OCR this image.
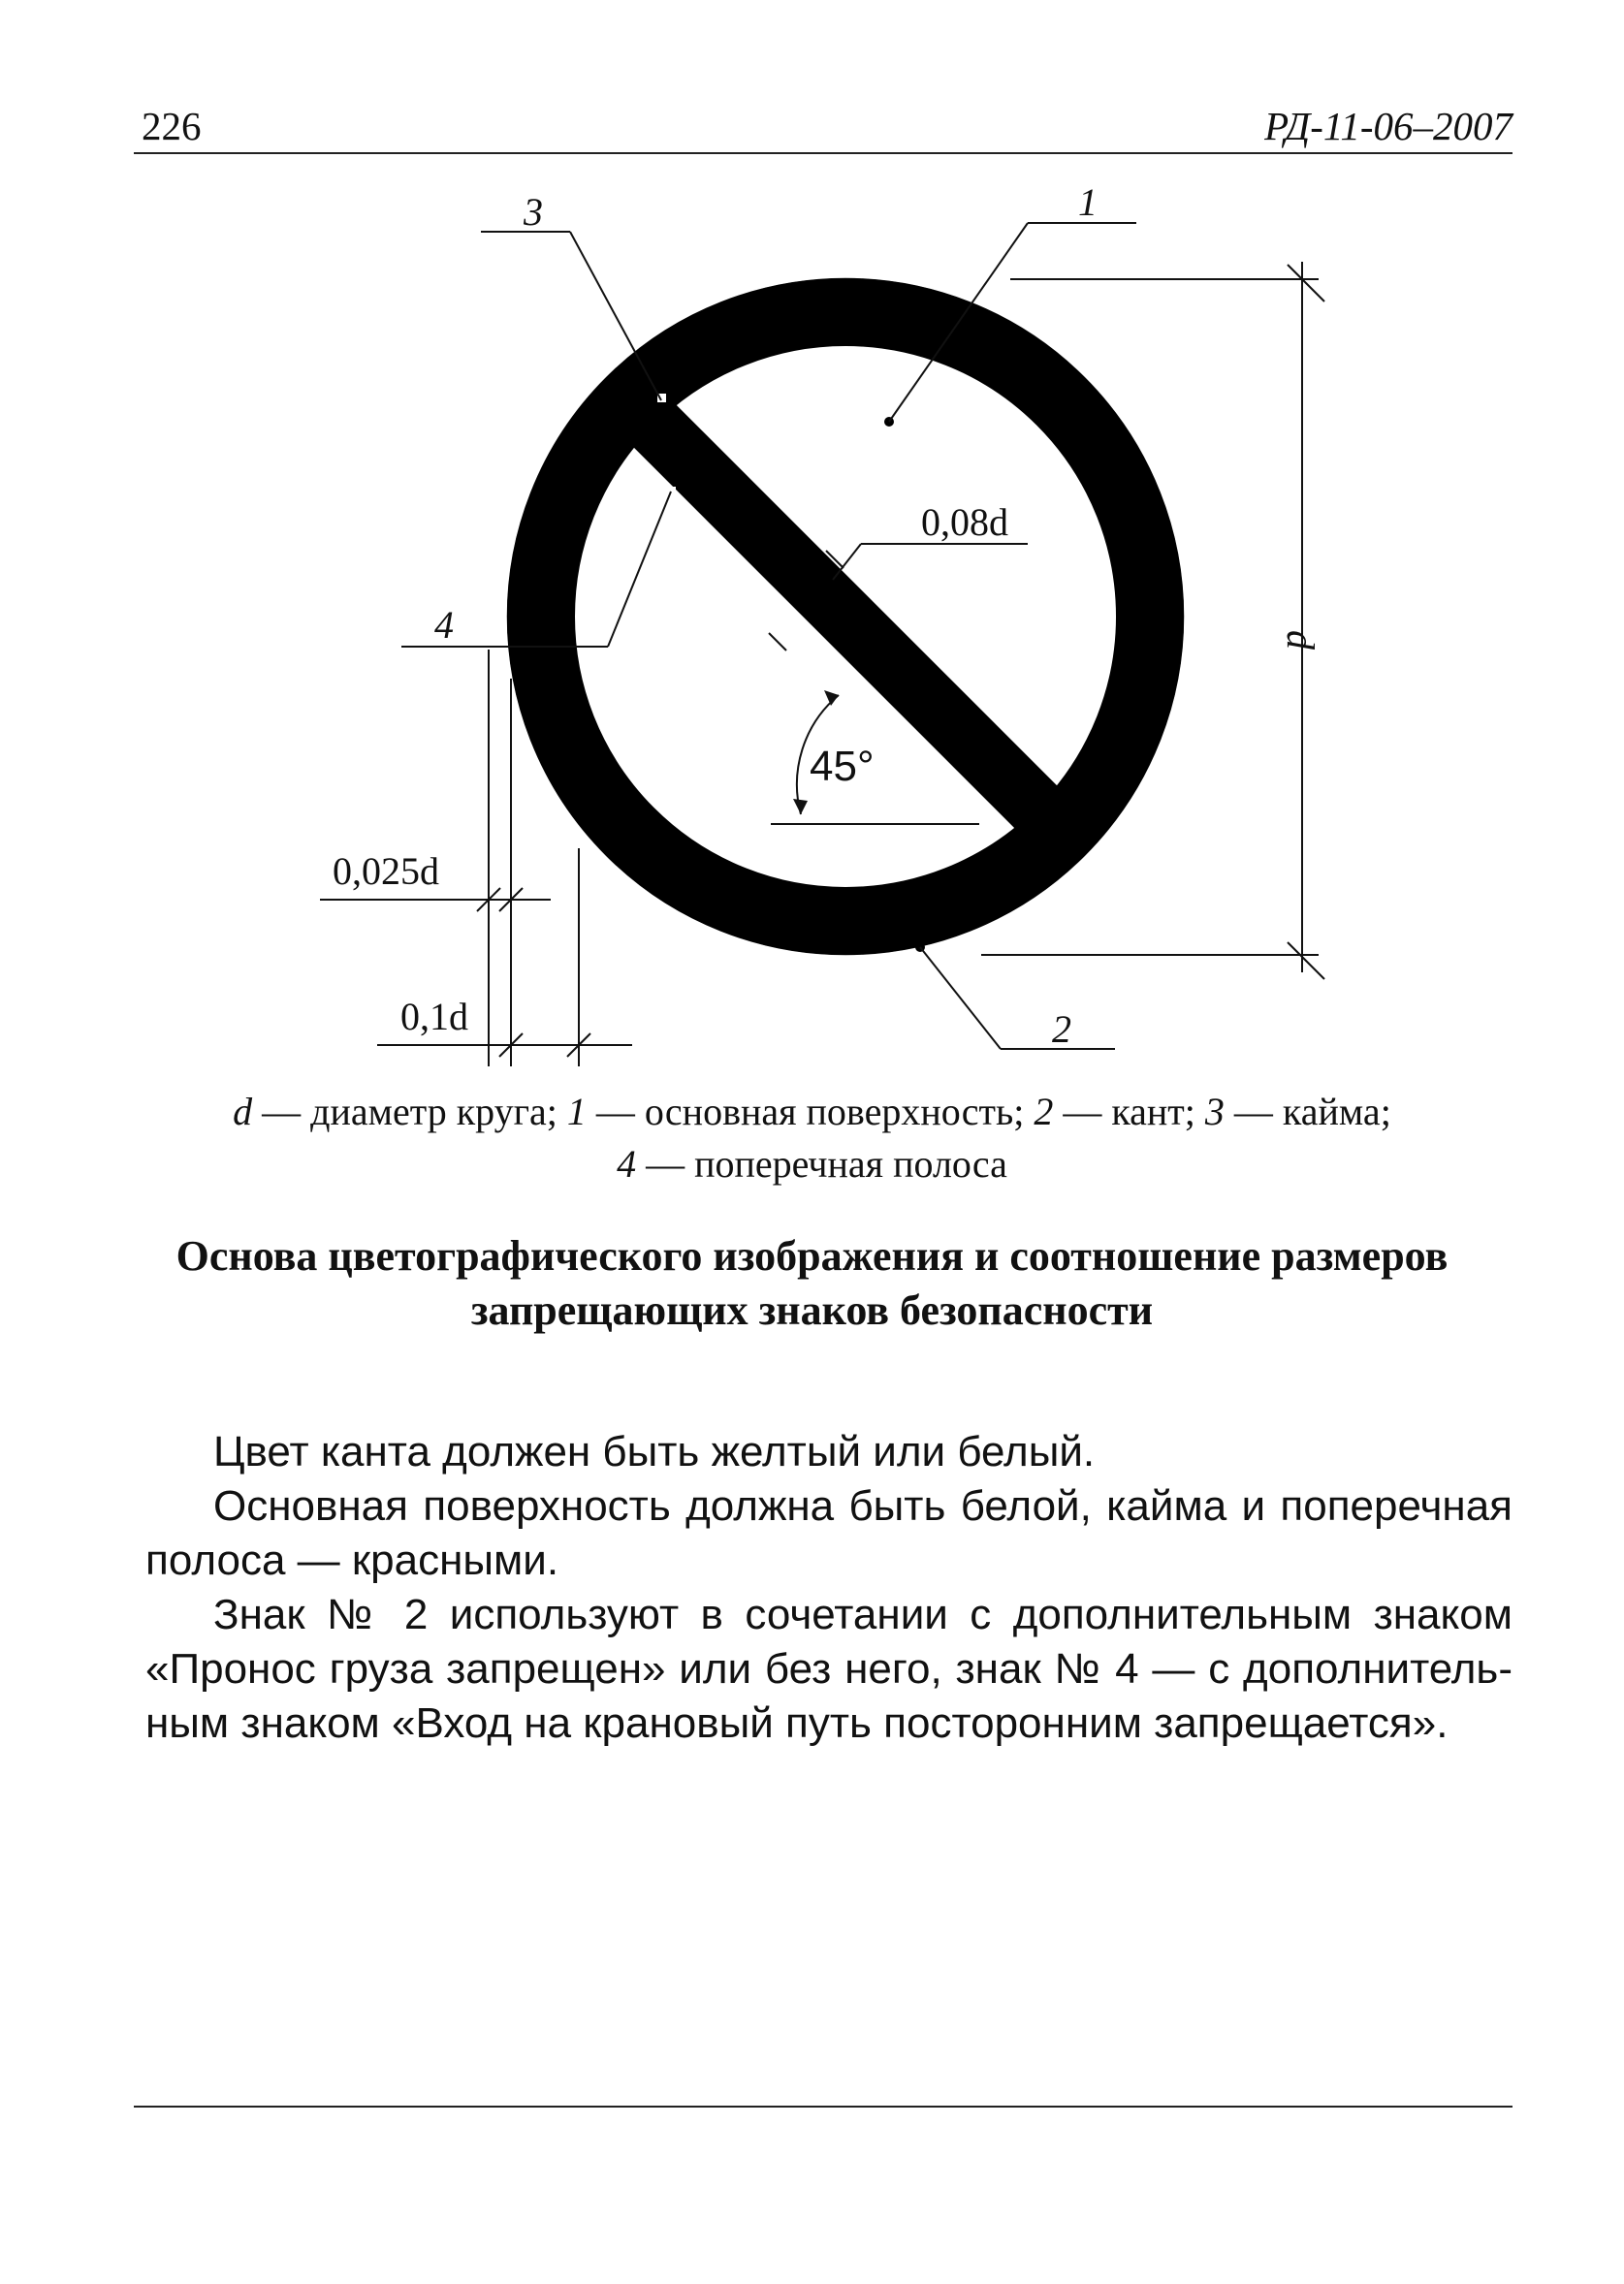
226	РД-11-06–2007
3	1
2
4
0,08d
45°
d
0,025d
0,1d
d — диаметр круга; 1 — основная поверхность; 2 — кант; 3 — кайма;
4 — поперечная полоса
Основа цветографического изображения и соотношение размеров запрещающих знаков безопасности

Цвет канта должен быть желтый или белый.

Основная поверхность должна быть белой, кайма и поперечная полоса — красными.

Знак № 2 используют в сочетании с дополнительным знаком «Пронос груза запрещен» или без него, знак № 4 — с дополнительным знаком «Вход на крановый путь посторонним запрещается».
